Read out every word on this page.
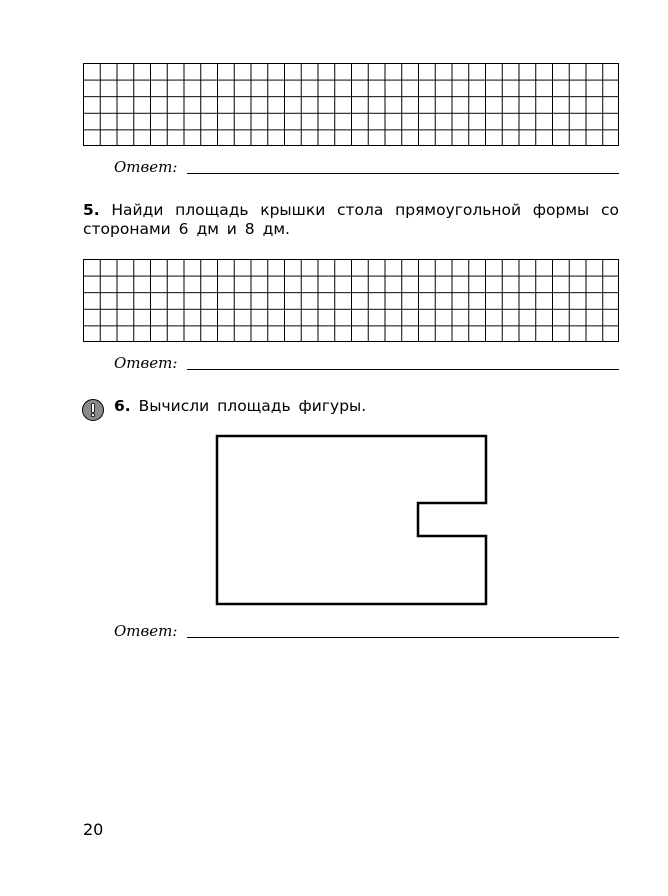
Ответ:
5. Найди площадь крышки стола прямоугольной формы со сторонами 6 дм и 8 дм.
Ответ:
6. Вычисли площадь фигуры.
Ответ:
20
